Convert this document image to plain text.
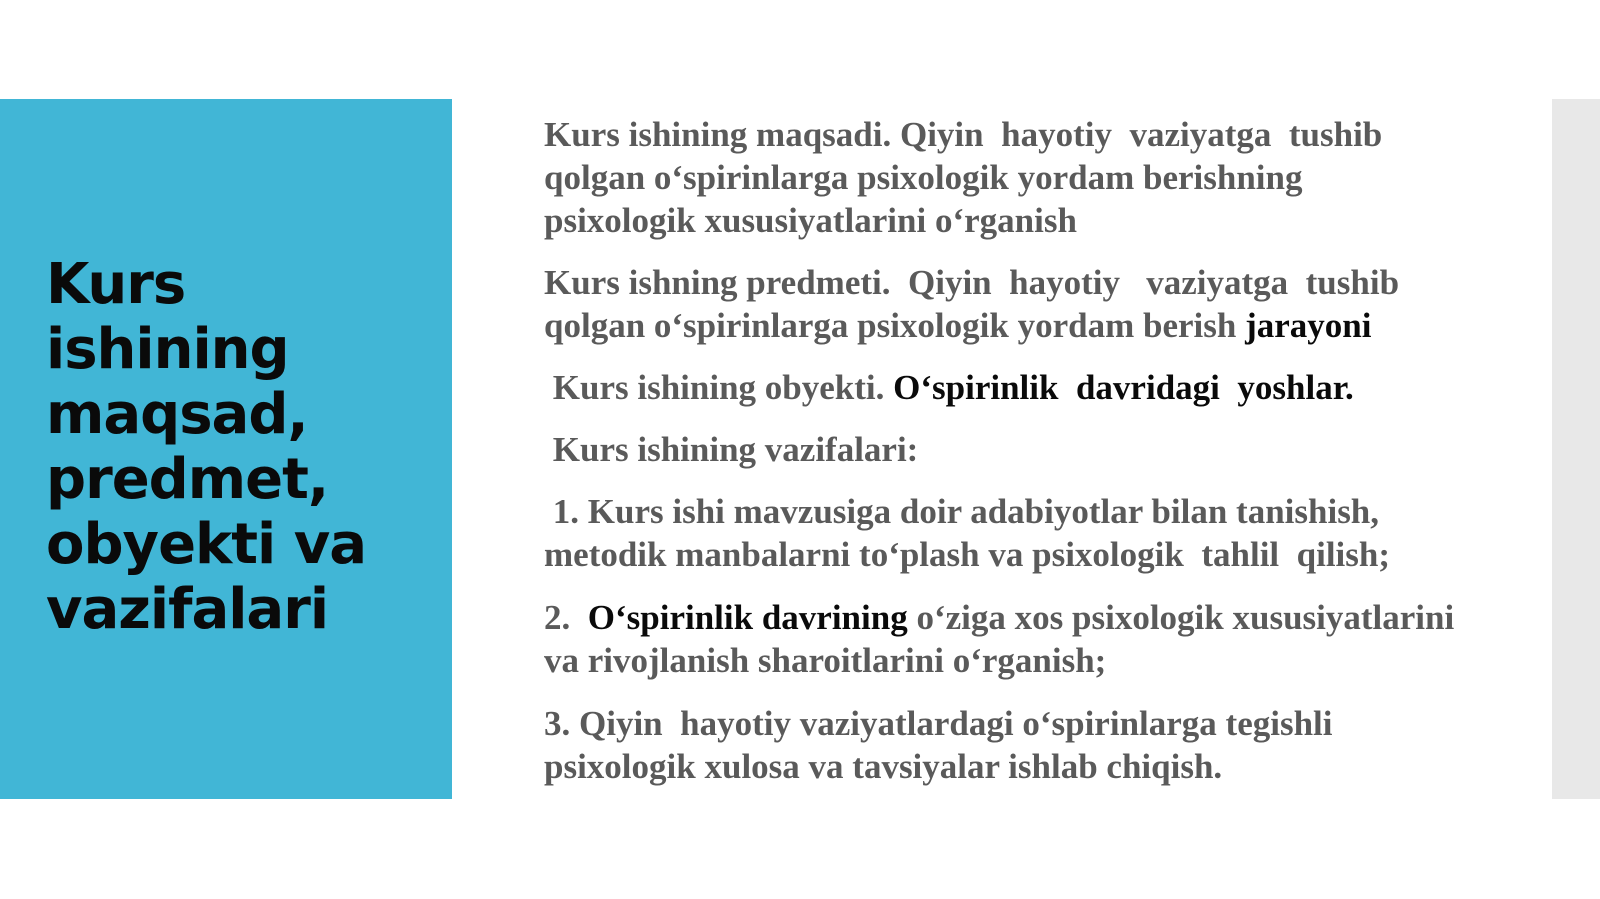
Kurs ishining maqsad, predmet, obyekti va vazifalari

Kurs ishining maqsadi. Qiyin  hayotiy  vaziyatga  tushib

qolgan o‘spirinlarga psixologik yordam berishning

psixologik xususiyatlarini o‘rganish

Kurs ishning predmeti.  Qiyin  hayotiy   vaziyatga  tushib

qolgan o‘spirinlarga psixologik yordam berish jarayoni

Kurs ishining obyekti. O‘spirinlik  davridagi  yoshlar.

Kurs ishining vazifalari:

1. Kurs ishi mavzusiga doir adabiyotlar bilan tanishish,

metodik manbalarni to‘plash va psixologik  tahlil  qilish;

2.  O‘spirinlik davrining o‘ziga xos psixologik xususiyatlarini

va rivojlanish sharoitlarini o‘rganish;

3. Qiyin  hayotiy vaziyatlardagi o‘spirinlarga tegishli

psixologik xulosa va tavsiyalar ishlab chiqish.
